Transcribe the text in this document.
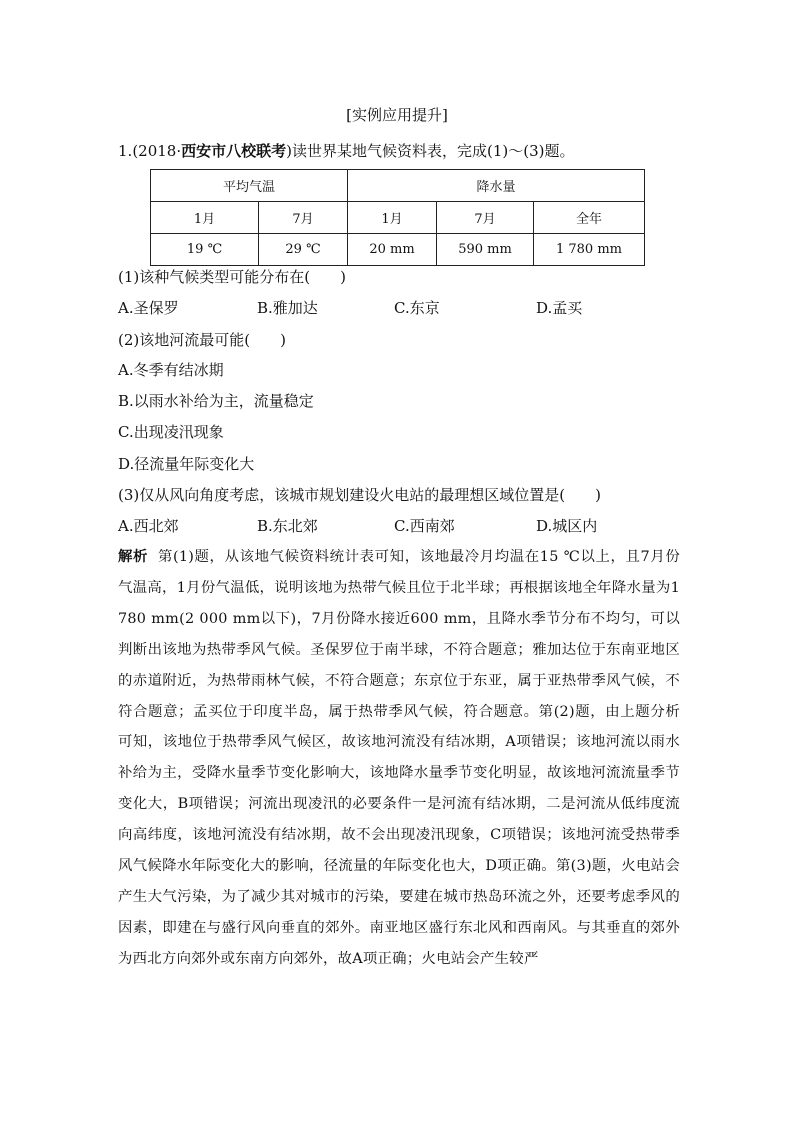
[实例应用提升]
1.(2018·西安市八校联考)读世界某地气候资料表，完成(1)～(3)题。
平均气温		降水量		
1月	7月	1月	7月	全年
19 ℃	29 ℃	20 mm	590 mm	1 780 mm
(1)该种气候类型可能分布在(　　)
A.圣保罗	B.雅加达	C.东京	D.孟买
(2)该地河流最可能(　　)
A.冬季有结冰期
B.以雨水补给为主，流量稳定
C.出现凌汛现象
D.径流量年际变化大
(3)仅从风向角度考虑，该城市规划建设火电站的最理想区域位置是(　　)
A.西北郊	B.东北郊	C.西南郊	D.城区内
解析 第(1)题，从该地气候资料统计表可知，该地最冷月均温在15 ℃以上，且7月份气温高，1月份气温低，说明该地为热带气候且位于北半球；再根据该地全年降水量为1 780 mm(2 000 mm以下)，7月份降水接近600 mm，且降水季节分布不均匀，可以判断出该地为热带季风气候。圣保罗位于南半球，不符合题意；雅加达位于东南亚地区的赤道附近，为热带雨林气候，不符合题意；东京位于东亚，属于亚热带季风气候，不符合题意；孟买位于印度半岛，属于热带季风气候，符合题意。第(2)题，由上题分析可知，该地位于热带季风气候区，故该地河流没有结冰期，A项错误；该地河流以雨水补给为主，受降水量季节变化影响大，该地降水量季节变化明显，故该地河流流量季节变化大，B项错误；河流出现凌汛的必要条件一是河流有结冰期，二是河流从低纬度流向高纬度，该地河流没有结冰期，故不会出现凌汛现象，C项错误；该地河流受热带季风气候降水年际变化大的影响，径流量的年际变化也大，D项正确。第(3)题，火电站会产生大气污染，为了减少其对城市的污染，要建在城市热岛环流之外，还要考虑季风的因素，即建在与盛行风向垂直的郊外。南亚地区盛行东北风和西南风。与其垂直的郊外为西北方向郊外或东南方向郊外，故A项正确；火电站会产生较严
